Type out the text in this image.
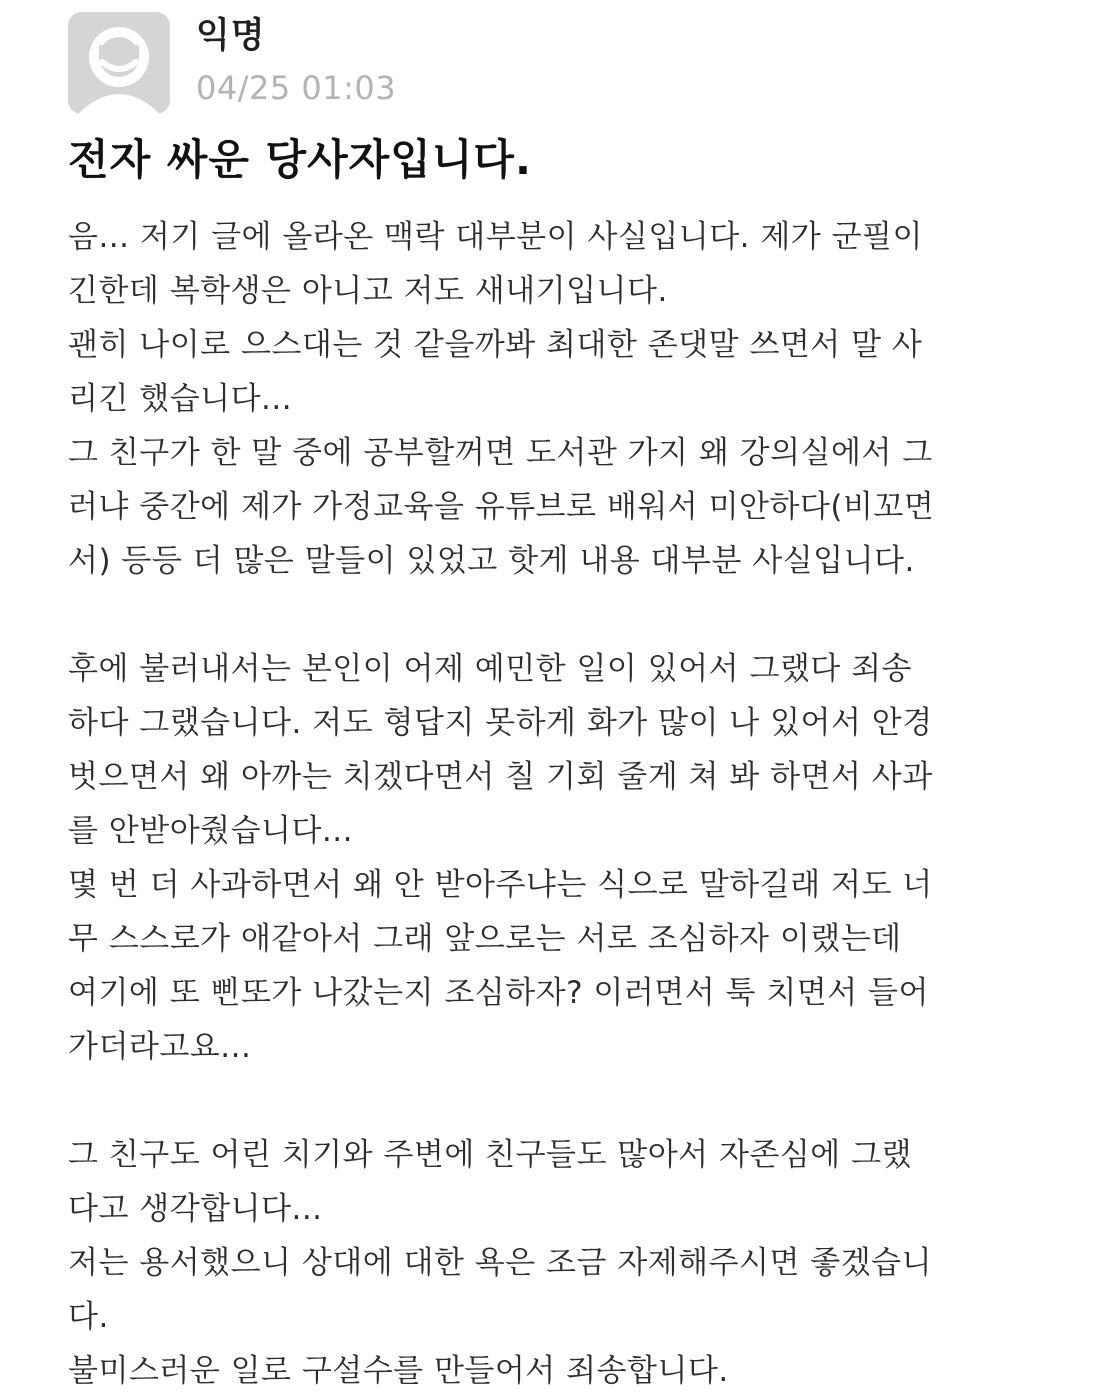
익명
04/25 01:03
전자 싸운 당사자입니다.
음... 저기 글에 올라온 맥락 대부분이 사실입니다. 제가 군필이
긴한데 복학생은 아니고 저도 새내기입니다.
괜히 나이로 으스대는 것 같을까봐 최대한 존댓말 쓰면서 말 사
리긴 했습니다...
그 친구가 한 말 중에 공부할꺼면 도서관 가지 왜 강의실에서 그
러냐 중간에 제가 가정교육을 유튜브로 배워서 미안하다(비꼬면
서) 등등 더 많은 말들이 있었고 핫게 내용 대부분 사실입니다.
후에 불러내서는 본인이 어제 예민한 일이 있어서 그랬다 죄송
하다 그랬습니다. 저도 형답지 못하게 화가 많이 나 있어서 안경
벗으면서 왜 아까는 치겠다면서 칠 기회 줄게 쳐 봐 하면서 사과
를 안받아줬습니다...
몇 번 더 사과하면서 왜 안 받아주냐는 식으로 말하길래 저도 너
무 스스로가 애같아서 그래 앞으로는 서로 조심하자 이랬는데
여기에 또 삔또가 나갔는지 조심하자? 이러면서 툭 치면서 들어
가더라고요...
그 친구도 어린 치기와 주변에 친구들도 많아서 자존심에 그랬
다고 생각합니다...
저는 용서했으니 상대에 대한 욕은 조금 자제해주시면 좋겠습니
다.
불미스러운 일로 구설수를 만들어서 죄송합니다.
